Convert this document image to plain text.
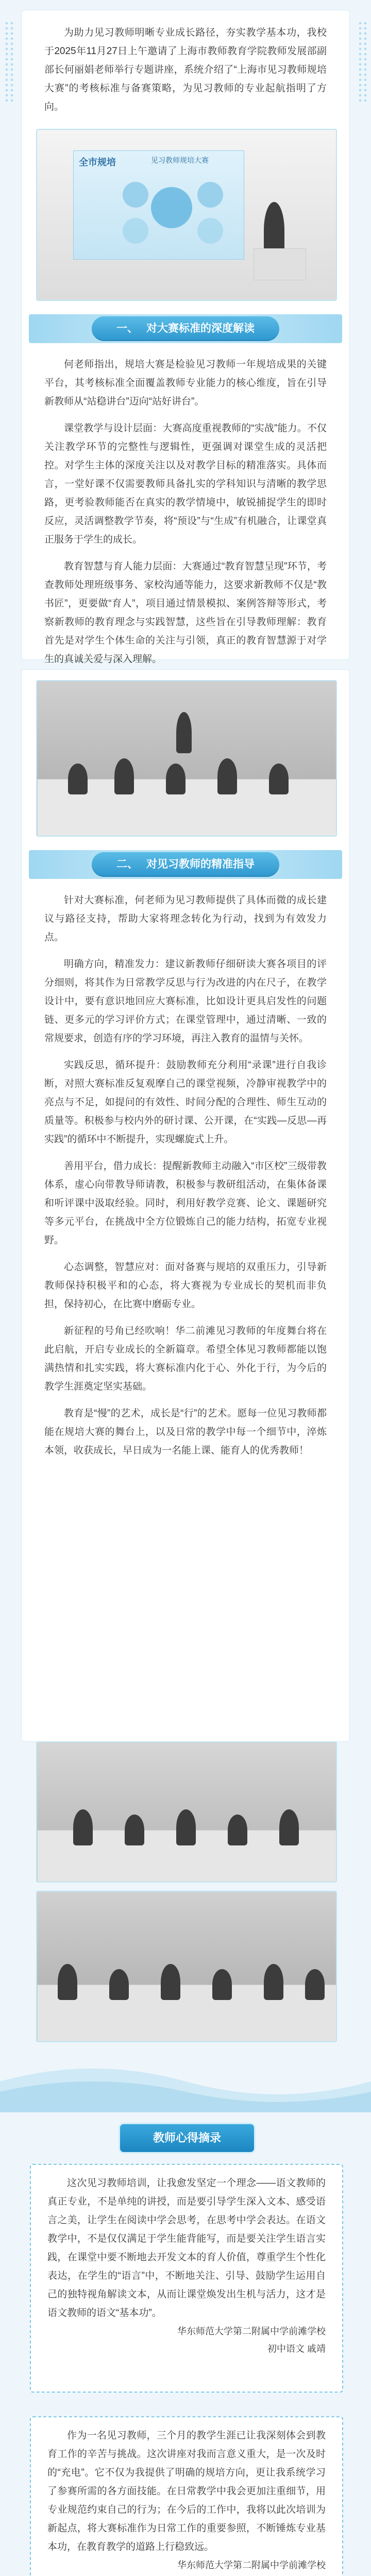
为助力见习教师明晰专业成长路径，夯实教学基本功，我校于2025年11月27日上午邀请了上海市教师教育学院教师发展部副部长何丽娟老师举行专题讲座，系统介绍了“上海市见习教师规培大赛”的考核标准与备赛策略，为见习教师的专业起航指明了方向。

全市规培	见习教师规培大赛
一、 对大赛标准的深度解读

何老师指出，规培大赛是检验见习教师一年规培成果的关键平台，其考核标准全面覆盖教师专业能力的核心维度，旨在引导新教师从“站稳讲台”迈向“站好讲台”。

课堂教学与设计层面：大赛高度重视教师的“实战”能力。不仅关注教学环节的完整性与逻辑性，更强调对课堂生成的灵活把控。对学生主体的深度关注以及对教学目标的精准落实。具体而言，一堂好课不仅需要教师具备扎实的学科知识与清晰的教学思路，更考验教师能否在真实的教学情境中，敏锐捕捉学生的即时反应，灵活调整教学节奏，将“预设”与“生成”有机融合，让课堂真正服务于学生的成长。

教育智慧与育人能力层面：大赛通过“教育智慧呈现”环节，考查教师处理班级事务、家校沟通等能力，这要求新教师不仅是“教书匠”，更要做“育人”，项目通过情景模拟、案例答辩等形式，考察新教师的教育理念与实践智慧，这些旨在引导教师理解：教育首先是对学生个体生命的关注与引领，真正的教育智慧源于对学生的真诚关爱与深入理解。

二、 对见习教师的精准指导

针对大赛标准，何老师为见习教师提供了具体而微的成长建议与路径支持，帮助大家将理念转化为行动，找到为有效发力点。

明确方向，精准发力：建议新教师仔细研读大赛各项目的评分细则，将其作为日常教学反思与行为改进的内在尺子，在教学设计中，要有意识地回应大赛标准，比如设计更具启发性的问题链、更多元的学习评价方式；在课堂管理中，通过清晰、一致的常规要求，创造有序的学习环境，再注入教育的温情与关怀。

实践反思，循环提升：鼓励教师充分利用“录课”进行自我诊断，对照大赛标准反复观摩自己的课堂视频，冷静审视教学中的亮点与不足，如提问的有效性、时间分配的合理性、师生互动的质量等。积极参与校内外的研讨课、公开课，在“实践—反思—再实践”的循环中不断提升，实现螺旋式上升。

善用平台，借力成长：提醒新教师主动融入“市区校”三级带教体系，虚心向带教导师请教，积极参与教研组活动，在集体备课和听评课中汲取经验。同时，利用好教学竞赛、论文、课题研究等多元平台，在挑战中全方位锻炼自己的能力结构，拓宽专业视野。

心态调整，智慧应对：面对备赛与规培的双重压力，引导新教师保持积极平和的心态，将大赛视为专业成长的契机而非负担，保持初心，在比赛中磨砺专业。

新征程的号角已经吹响！华二前滩见习教师的年度舞台将在此启航，开启专业成长的全新篇章。希望全体见习教师都能以饱满热情和扎实实践，将大赛标准内化于心、外化于行，为今后的教学生涯奠定坚实基础。

教育是“慢”的艺术，成长是“行”的艺术。愿每一位见习教师都能在规培大赛的舞台上，以及日常的教学中每一个细节中，淬炼本领，收获成长，早日成为一名能上课、能育人的优秀教师！

教师心得摘录

这次见习教师培训，让我愈发坚定一个理念——语文教师的真正专业，不是单纯的讲授，而是要引导学生深入文本、感受语言之美，让学生在阅读中学会思考，在思考中学会表达。在语文教学中，不是仅仅满足于学生能背能写，而是要关注学生语言实践，在课堂中要不断地去开发文本的育人价值，尊重学生个性化表达，在学生的“语言”中，不断地关注、引导、鼓励学生运用自己的独特视角解读文本，从而让课堂焕发出生机与活力，这才是语文教师的语文“基本功”。

华东师范大学第二附属中学前滩学校

初中语文 戚靖

作为一名见习教师，三个月的教学生涯已让我深刻体会到教育工作的辛苦与挑战。这次讲座对我而言意义重大，是一次及时的“充电”。它不仅为我提供了明确的规培方向，更让我系统学习了参赛所需的各方面技能。在日常教学中我会更加注重细节，用专业规范约束自己的行为；在今后的工作中，我将以此次培训为新起点，将大赛标准作为日常工作的重要参照，不断锤炼专业基本功，在教育教学的道路上行稳致远。

华东师范大学第二附属中学前滩学校
